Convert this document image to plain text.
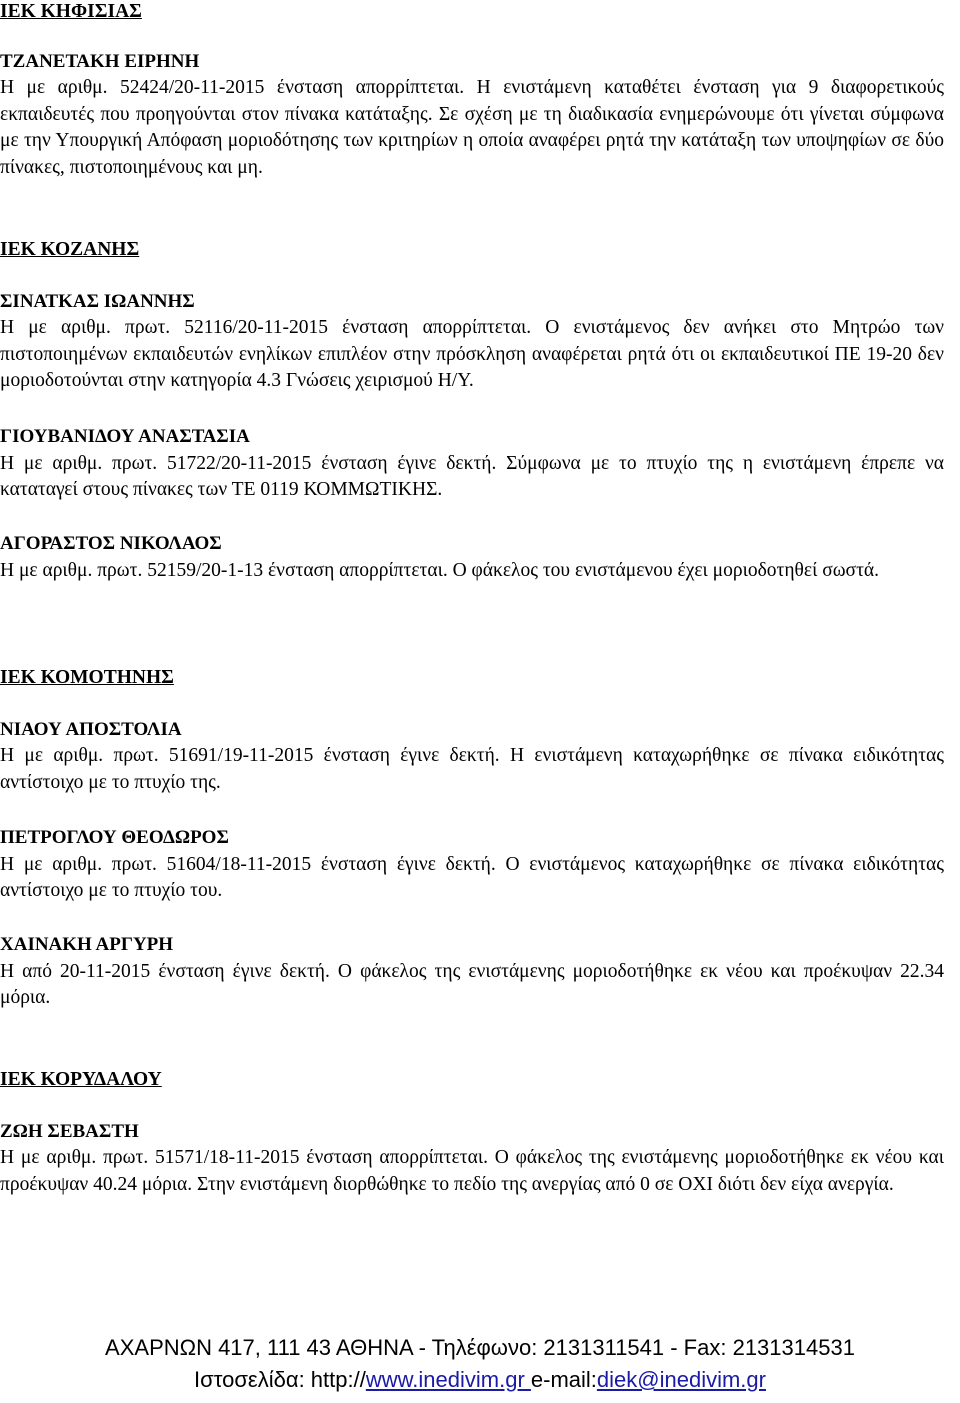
ΙΕΚ ΚΗΦΙΣΙΑΣ

ΤΖΑΝΕΤΑΚΗ ΕΙΡΗΝΗ

Η με αριθμ. 52424/20-11-2015 ένσταση απορρίπτεται. Η ενιστάμενη καταθέτει ένσταση για 9 διαφορετικούς εκπαιδευτές που προηγούνται στον πίνακα κατάταξης. Σε σχέση με τη διαδικασία ενημερώνουμε ότι γίνεται σύμφωνα με την Υπουργική Απόφαση μοριοδότησης των κριτηρίων η οποία αναφέρει ρητά την κατάταξη των υποψηφίων σε δύο πίνακες, πιστοποιημένους και μη.

ΙΕΚ ΚΟΖΑΝΗΣ

ΣΙΝΑΤΚΑΣ ΙΩΑΝΝΗΣ

Η με αριθμ. πρωτ. 52116/20-11-2015 ένσταση απορρίπτεται. Ο ενιστάμενος δεν ανήκει στο Μητρώο των πιστοποιημένων εκπαιδευτών ενηλίκων επιπλέον στην πρόσκληση αναφέρεται ρητά ότι οι εκπαιδευτικοί ΠΕ 19-20 δεν μοριοδοτούνται στην κατηγορία 4.3 Γνώσεις χειρισμού Η/Υ.

ΓΙΟΥΒΑΝΙΔΟΥ ΑΝΑΣΤΑΣΙΑ

Η με αριθμ. πρωτ. 51722/20-11-2015 ένσταση έγινε δεκτή. Σύμφωνα με το πτυχίο της η ενιστάμενη έπρεπε να καταταγεί στους πίνακες των ΤΕ 0119 ΚΟΜΜΩΤΙΚΗΣ.

ΑΓΟΡΑΣΤΟΣ ΝΙΚΟΛΑΟΣ

Η με αριθμ. πρωτ. 52159/20-1-13 ένσταση απορρίπτεται. Ο φάκελος του ενιστάμενου έχει μοριοδοτηθεί σωστά.

ΙΕΚ ΚΟΜΟΤΗΝΗΣ

ΝΙΑΟΥ ΑΠΟΣΤΟΛΙΑ

Η με αριθμ. πρωτ. 51691/19-11-2015 ένσταση έγινε δεκτή. Η ενιστάμενη καταχωρήθηκε σε πίνακα ειδικότητας αντίστοιχο με το πτυχίο της.

ΠΕΤΡΟΓΛΟΥ ΘΕΟΔΩΡΟΣ

Η με αριθμ. πρωτ. 51604/18-11-2015 ένσταση έγινε δεκτή. Ο ενιστάμενος καταχωρήθηκε σε πίνακα ειδικότητας αντίστοιχο με το πτυχίο του.

ΧΑΙΝΑΚΗ ΑΡΓΥΡΗ

Η από 20-11-2015 ένσταση έγινε δεκτή. Ο φάκελος της ενιστάμενης μοριοδοτήθηκε εκ νέου και προέκυψαν 22.34 μόρια.

ΙΕΚ ΚΟΡΥΔΑΛΟΥ

ΖΩΗ ΣΕΒΑΣΤΗ

Η με αριθμ. πρωτ. 51571/18-11-2015 ένσταση απορρίπτεται. Ο φάκελος της ενιστάμενης μοριοδοτήθηκε εκ νέου και προέκυψαν 40.24 μόρια. Στην ενιστάμενη διορθώθηκε το πεδίο της ανεργίας από 0 σε ΟΧΙ διότι δεν είχα ανεργία.

ΑΧΑΡΝΩΝ 417, 111 43 ΑΘΗΝΑ - Τηλέφωνο: 2131311541 - Fax: 2131314531
Ιστοσελίδα: http://www.inedivim.gr e-mail:diek@inedivim.gr
